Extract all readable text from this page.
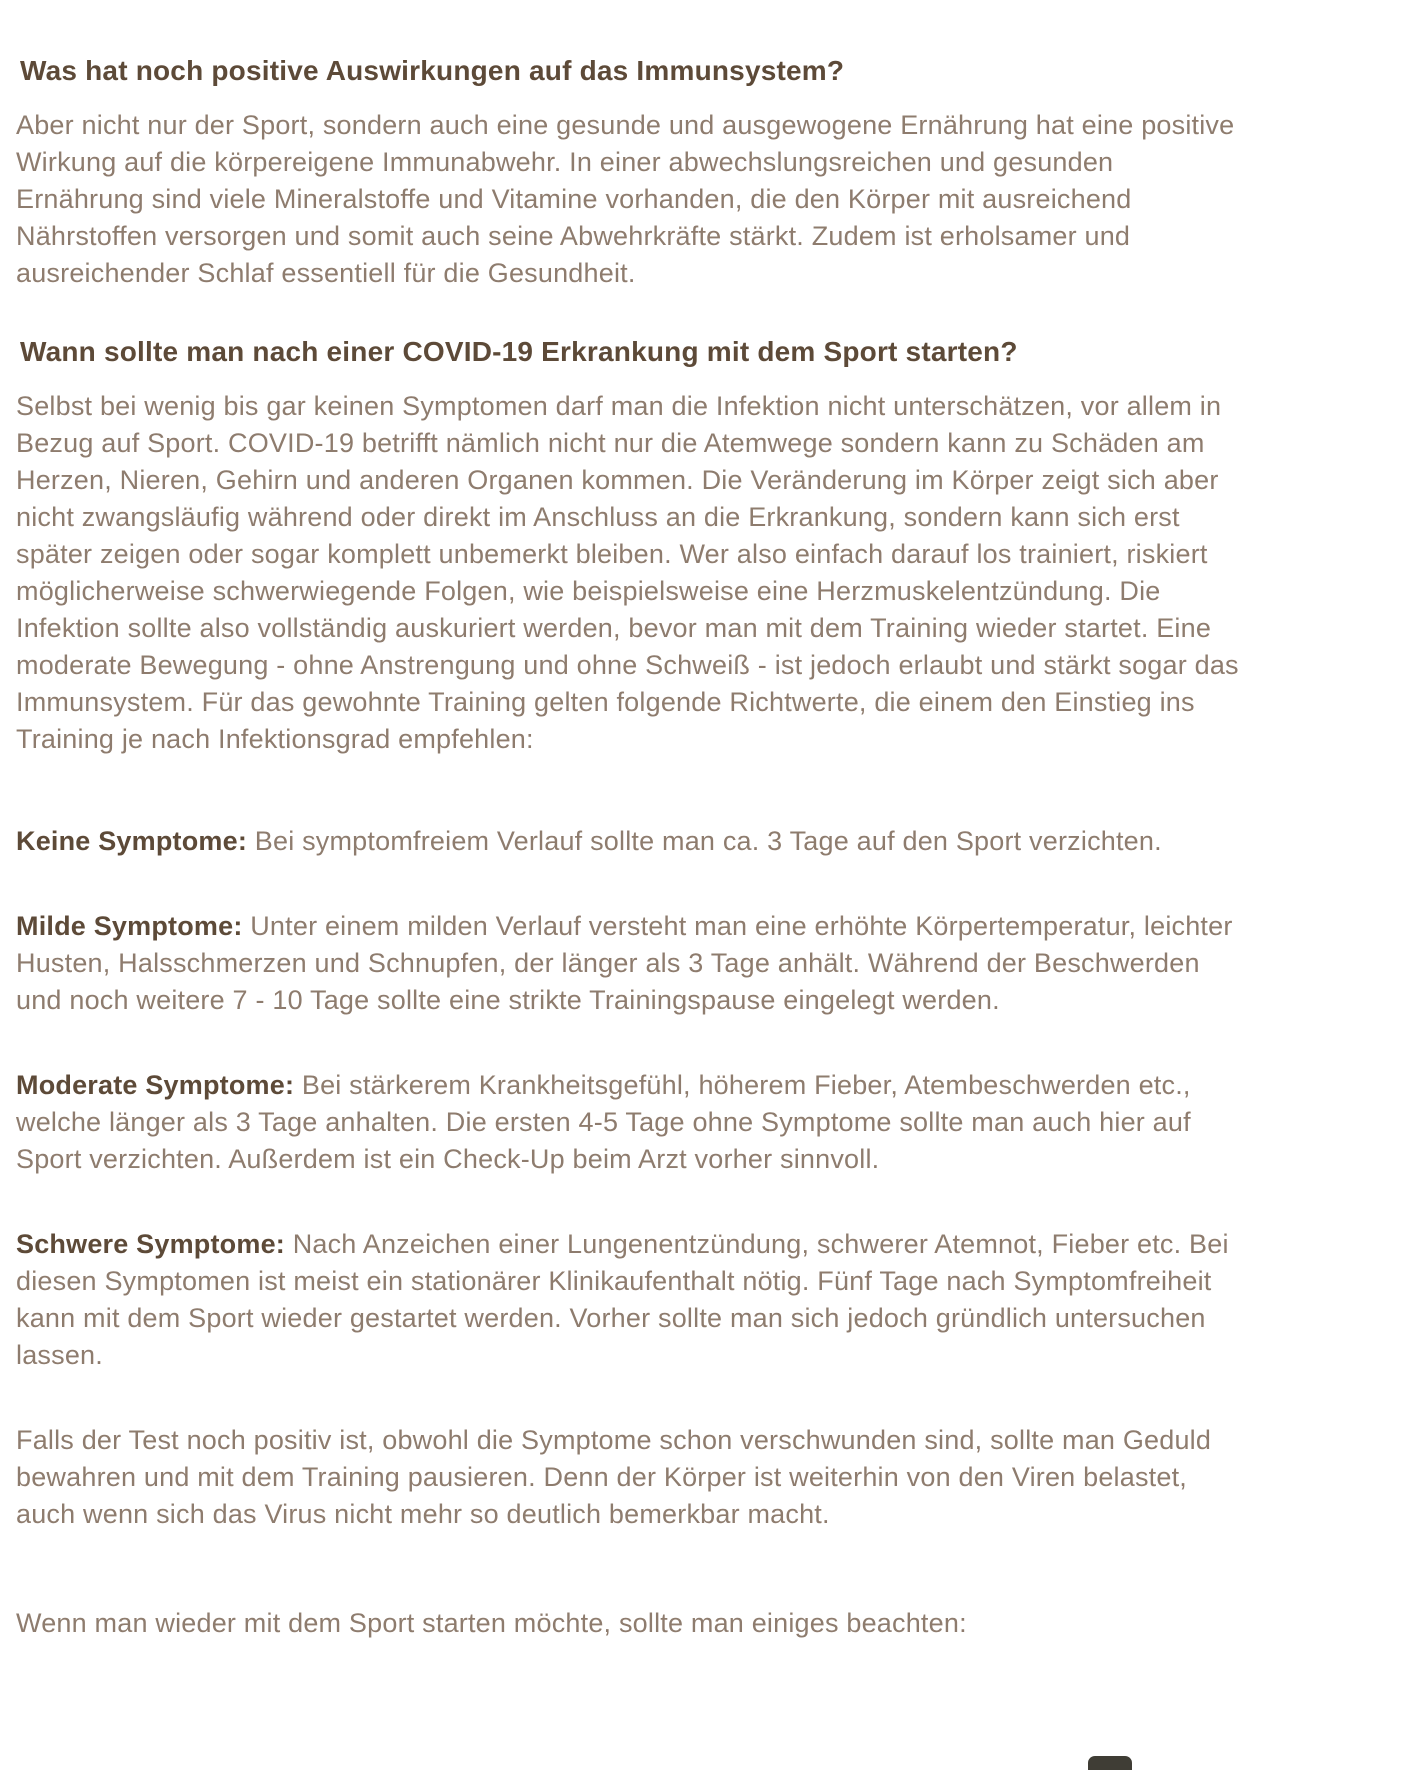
Was hat noch positive Auswirkungen auf das Immunsystem?

Aber nicht nur der Sport, sondern auch eine gesunde und ausgewogene Ernährung hat eine positive Wirkung auf die körpereigene Immunabwehr. In einer abwechslungsreichen und gesunden Ernährung sind viele Mineralstoffe und Vitamine vorhanden, die den Körper mit ausreichend Nährstoffen versorgen und somit auch seine Abwehrkräfte stärkt. Zudem ist erholsamer und ausreichender Schlaf essentiell für die Gesundheit.

Wann sollte man nach einer COVID-19 Erkrankung mit dem Sport starten?

Selbst bei wenig bis gar keinen Symptomen darf man die Infektion nicht unterschätzen, vor allem in Bezug auf Sport. COVID-19 betrifft nämlich nicht nur die Atemwege sondern kann zu Schäden am Herzen, Nieren, Gehirn und anderen Organen kommen. Die Veränderung im Körper zeigt sich aber nicht zwangsläufig während oder direkt im Anschluss an die Erkrankung, sondern kann sich erst später zeigen oder sogar komplett unbemerkt bleiben. Wer also einfach darauf los trainiert, riskiert möglicherweise schwerwiegende Folgen, wie beispielsweise eine Herzmuskelentzündung. Die Infektion sollte also vollständig auskuriert werden, bevor man mit dem Training wieder startet. Eine moderate Bewegung - ohne Anstrengung und ohne Schweiß - ist jedoch erlaubt und stärkt sogar das Immunsystem. Für das gewohnte Training gelten folgende Richtwerte, die einem den Einstieg ins Training je nach Infektionsgrad empfehlen:

Keine Symptome: Bei symptomfreiem Verlauf sollte man ca. 3 Tage auf den Sport verzichten.

Milde Symptome: Unter einem milden Verlauf versteht man eine erhöhte Körpertemperatur, leichter Husten, Halsschmerzen und Schnupfen, der länger als 3 Tage anhält. Während der Beschwerden und noch weitere 7 - 10 Tage sollte eine strikte Trainingspause eingelegt werden.

Moderate Symptome: Bei stärkerem Krankheitsgefühl, höherem Fieber, Atembeschwerden etc., welche länger als 3 Tage anhalten. Die ersten 4-5 Tage ohne Symptome sollte man auch hier auf Sport verzichten. Außerdem ist ein Check-Up beim Arzt vorher sinnvoll.

Schwere Symptome: Nach Anzeichen einer Lungenentzündung, schwerer Atemnot, Fieber etc. Bei diesen Symptomen ist meist ein stationärer Klinikaufenthalt nötig. Fünf Tage nach Symptomfreiheit kann mit dem Sport wieder gestartet werden. Vorher sollte man sich jedoch gründlich untersuchen lassen.

Falls der Test noch positiv ist, obwohl die Symptome schon verschwunden sind, sollte man Geduld bewahren und mit dem Training pausieren. Denn der Körper ist weiterhin von den Viren belastet, auch wenn sich das Virus nicht mehr so deutlich bemerkbar macht.

Wenn man wieder mit dem Sport starten möchte, sollte man einiges beachten:
